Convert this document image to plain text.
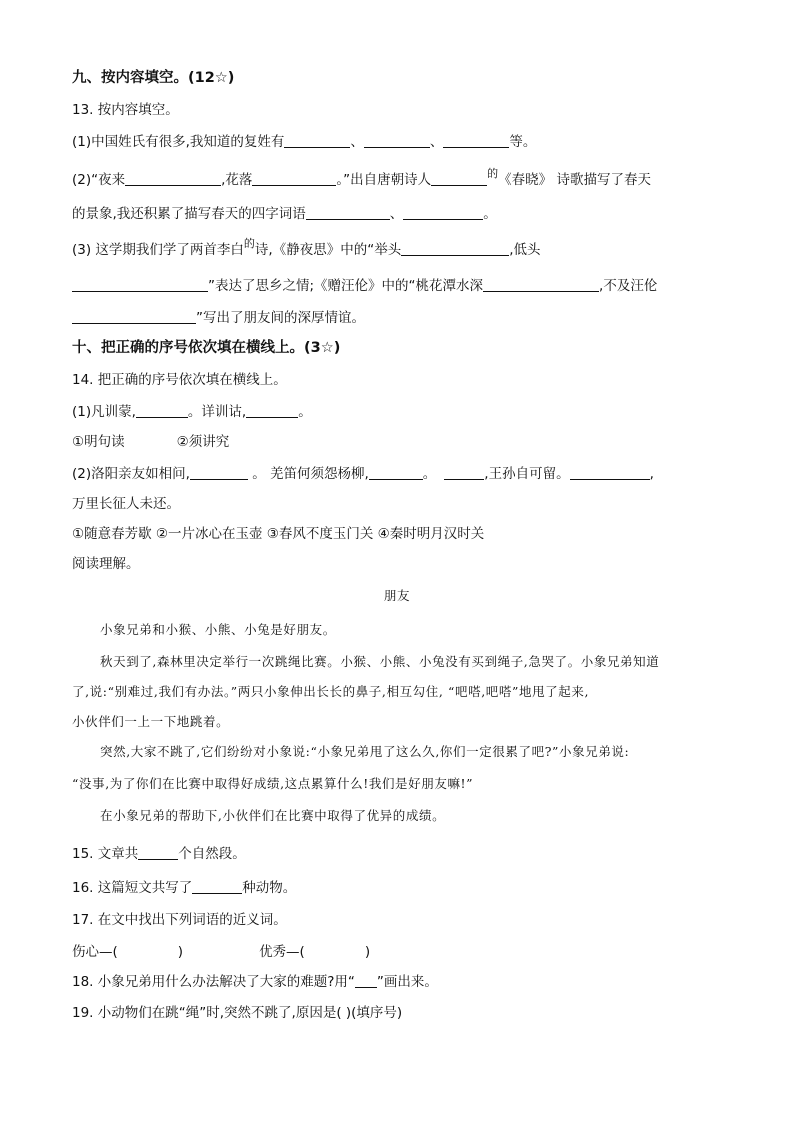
九、按内容填空。(12☆)
13. 按内容填空。
(1)中国姓氏有很多,我知道的复姓有	、	、	等。
(2)“夜来	,花落	。”出自唐朝诗人	$^的$《春晓》 诗歌描写了春天
的景象,我还积累了描写春天的四字词语	、	。
(3) 这学期我们学了两首李白$^的$诗,《静夜思》中的“举头	,低头
”表达了思乡之情;《赠汪伦》中的“桃花潭水深	,不及汪伦
”写出了朋友间的深厚情谊。
十、把正确的序号依次填在横线上。(3☆)
14. 把正确的序号依次填在横线上。
(1)凡训蒙,	。详训诂,	。
①明句读	②须讲究
(2)洛阳亲友如相问,	。 羌笛何须怨杨柳,	。	,王孙自可留。	,
万里长征人未还。
①随意春芳歇 ②一片冰心在玉壶 ③春风不度玉门关 ④秦时明月汉时关
阅读理解。
朋友
小象兄弟和小猴、小熊、小兔是好朋友。
秋天到了,森林里决定举行一次跳绳比赛。小猴、小熊、小兔没有买到绳子,急哭了。小象兄弟知道
了,说:“别难过,我们有办法。”两只小象伸出长长的鼻子,相互勾住, “吧嗒,吧嗒”地甩了起来,
小伙伴们一上一下地跳着。
突然,大家不跳了,它们纷纷对小象说:“小象兄弟甩了这么久,你们一定很累了吧?”小象兄弟说:
“没事,为了你们在比赛中取得好成绩,这点累算什么!我们是好朋友嘛!”
在小象兄弟的帮助下,小伙伴们在比赛中取得了优异的成绩。
15. 文章共	个自然段。
16. 这篇短文共写了	种动物。
17. 在文中找出下列词语的近义词。
伤心—(	)	优秀—(	)
18. 小象兄弟用什么办法解决了大家的难题?用“ ”画出来。
19. 小动物们在跳“绳”时,突然不跳了,原因是( )(填序号)
